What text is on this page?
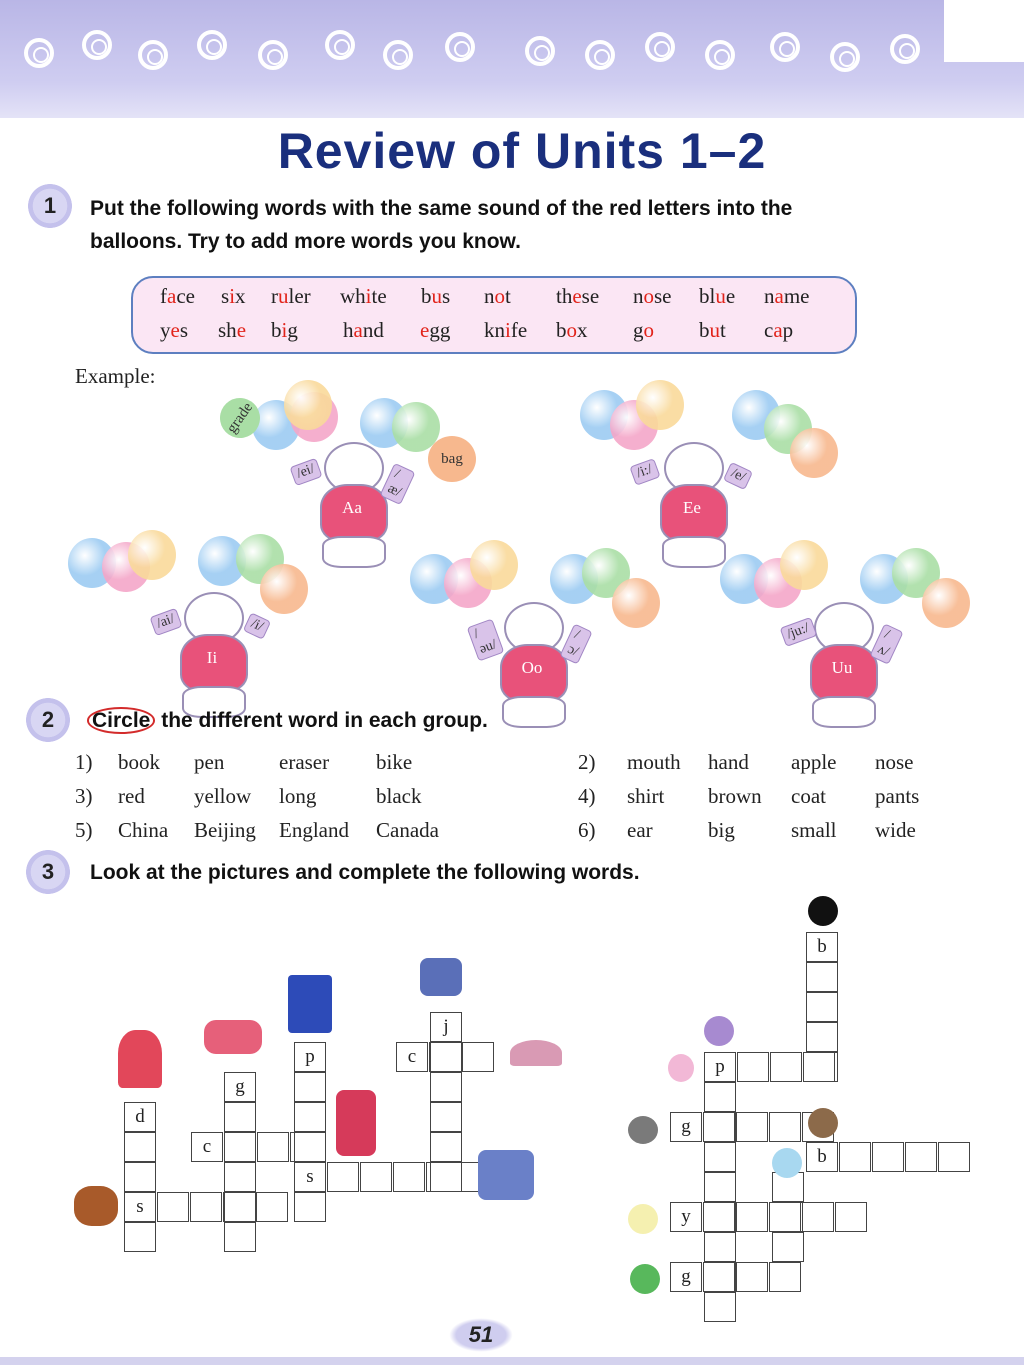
Review of Units 1–2
1	Put the following words with the same sound of the red letters into the
balloons. Try to add more words you know.
face six ruler white bus not these nose blue name
yes she big hand egg knife box go but cap
Example:
Aa
/ei/	/æ/
grade
bag
Ee
/i:/	/e/
Ii
/ai/	/i/
Oo
/əu/
/ɔ/
Uu
/ju:/	/ʌ/
2	Circle the different word in each group.
1) book pen	eraser bike	2) mouth hand apple nose
3) red yellow long	black	4) shirt brown coat pants
5) China Beijing England Canada	6) ear	big	small wide
3	Look at the pictures and complete the following words.
d
s
g
c
p
s
c
j
b
p
g
b
y
g
51
